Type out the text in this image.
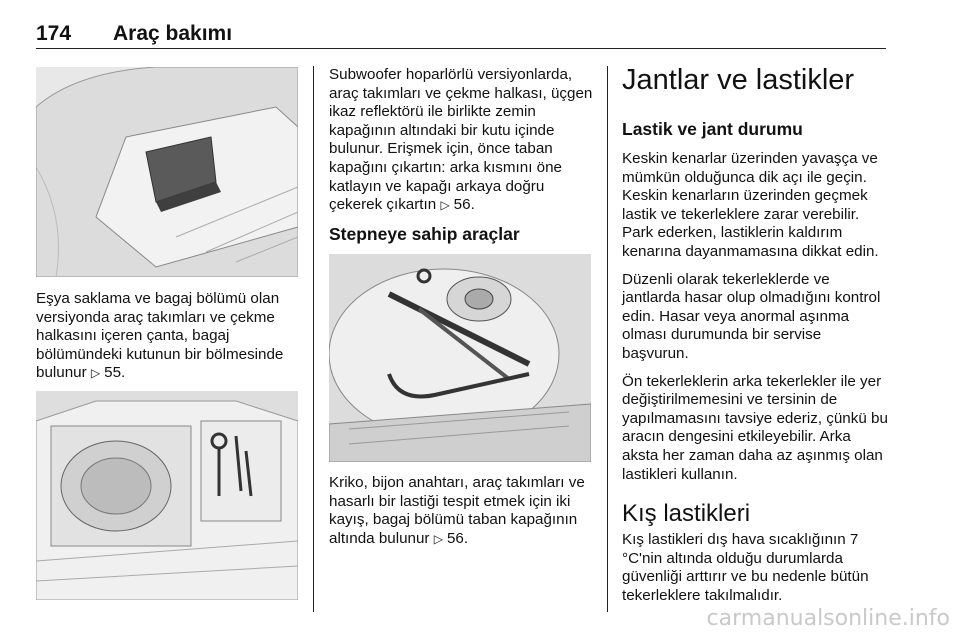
174 Araç bakımı
Eşya saklama ve bagaj bölümü olan versiyonda araç takımları ve çekme halkasını içeren çanta, bagaj bölümündeki kutunun bir bölmesinde bulunur ▷ 55.
Subwoofer hoparlörlü versiyonlarda, araç takımları ve çekme halkası, üçgen ikaz reflektörü ile birlikte zemin kapağının altındaki bir kutu içinde bulunur. Erişmek için, önce taban kapağını çıkartın: arka kısmını öne katlayın ve kapağı arkaya doğru çekerek çıkartın ▷ 56.
Stepneye sahip araçlar
Kriko, bijon anahtarı, araç takımları ve hasarlı bir lastiği tespit etmek için iki kayış, bagaj bölümü taban kapağının altında bulunur ▷ 56.
Jantlar ve lastikler
Lastik ve jant durumu

Keskin kenarlar üzerinden yavaşça ve mümkün olduğunca dik açı ile geçin. Keskin kenarların üzerinden geçmek lastik ve tekerleklere zarar verebilir. Park ederken, lastiklerin kaldırım kenarına dayanmamasına dikkat edin.

Düzenli olarak tekerleklerde ve jantlarda hasar olup olmadığını kontrol edin. Hasar veya anormal aşınma olması durumunda bir servise başvurun.

Ön tekerleklerin arka tekerlekler ile yer değiştirilmemesini ve tersinin de yapılmamasını tavsiye ederiz, çünkü bu aracın dengesini etkileyebilir. Arka aksta her zaman daha az aşınmış olan lastikleri kullanın.

Kış lastikleri
Kış lastikleri dış hava sıcaklığının 7 °C'nin altında olduğu durumlarda güvenliği arttırır ve bu nedenle bütün tekerleklere takılmalıdır.
carmanualsonline.info
